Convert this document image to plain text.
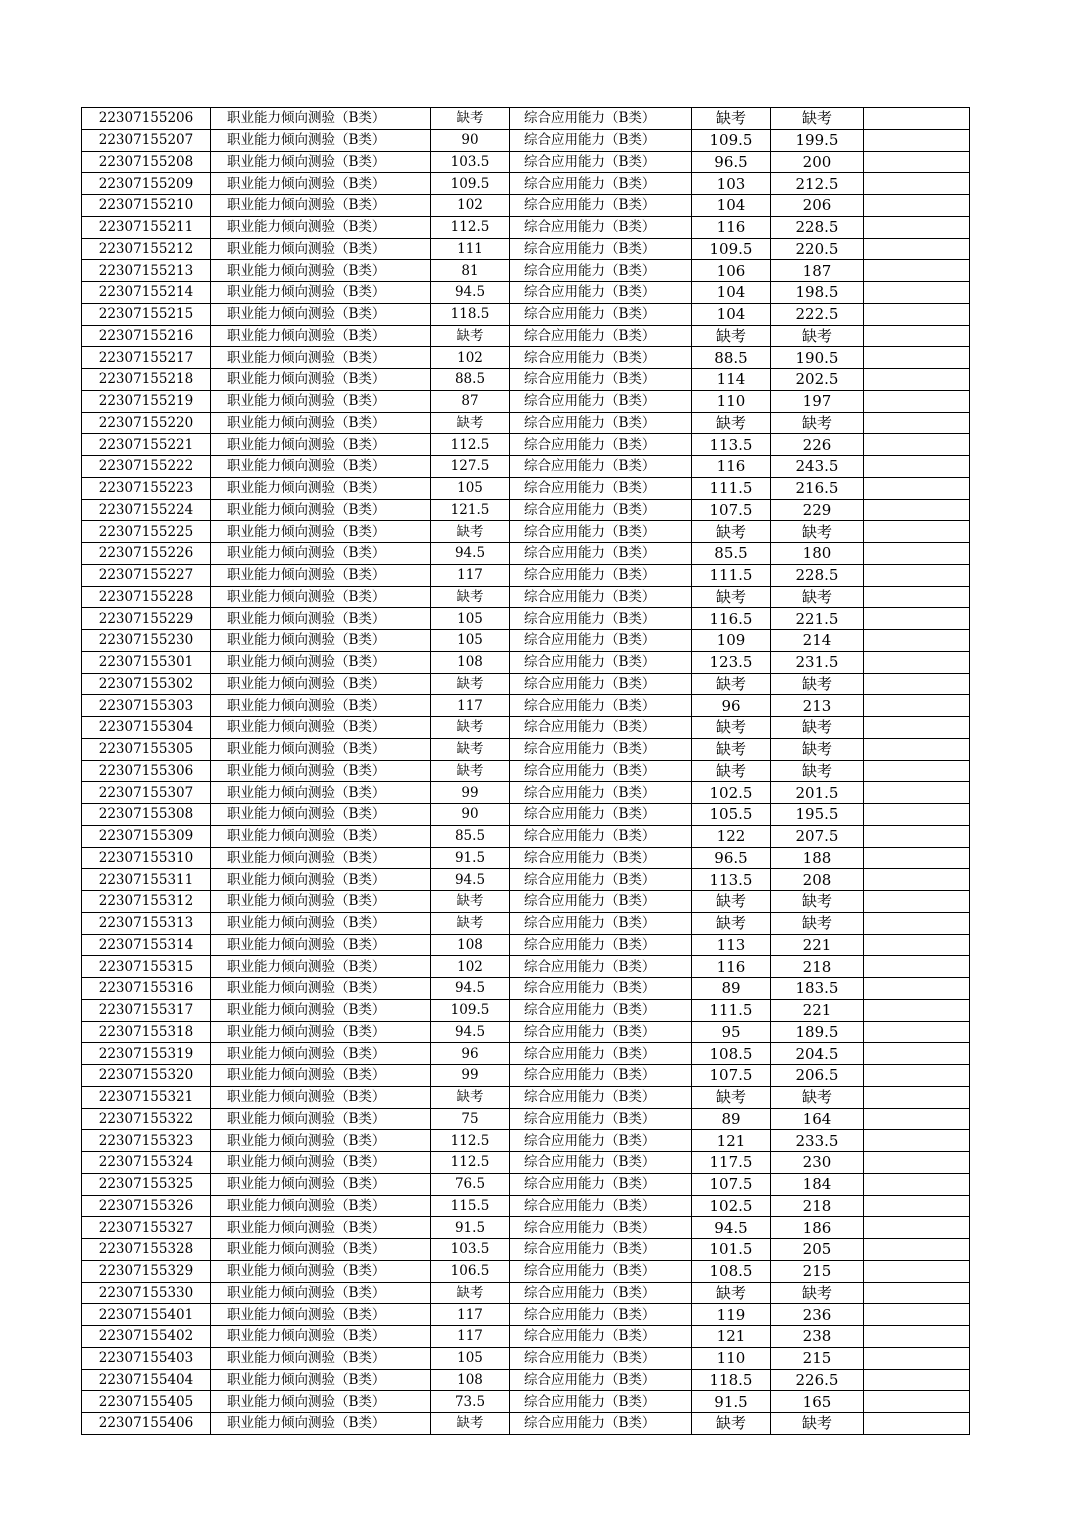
22307155206	职业能力倾向测验（B类）	缺考	综合应用能力（B类）	缺考	缺考	
22307155207	职业能力倾向测验（B类）	90	综合应用能力（B类）	109.5	199.5	
22307155208	职业能力倾向测验（B类）	103.5	综合应用能力（B类）	96.5	200	
22307155209	职业能力倾向测验（B类）	109.5	综合应用能力（B类）	103	212.5	
22307155210	职业能力倾向测验（B类）	102	综合应用能力（B类）	104	206	
22307155211	职业能力倾向测验（B类）	112.5	综合应用能力（B类）	116	228.5	
22307155212	职业能力倾向测验（B类）	111	综合应用能力（B类）	109.5	220.5	
22307155213	职业能力倾向测验（B类）	81	综合应用能力（B类）	106	187	
22307155214	职业能力倾向测验（B类）	94.5	综合应用能力（B类）	104	198.5	
22307155215	职业能力倾向测验（B类）	118.5	综合应用能力（B类）	104	222.5	
22307155216	职业能力倾向测验（B类）	缺考	综合应用能力（B类）	缺考	缺考	
22307155217	职业能力倾向测验（B类）	102	综合应用能力（B类）	88.5	190.5	
22307155218	职业能力倾向测验（B类）	88.5	综合应用能力（B类）	114	202.5	
22307155219	职业能力倾向测验（B类）	87	综合应用能力（B类）	110	197	
22307155220	职业能力倾向测验（B类）	缺考	综合应用能力（B类）	缺考	缺考	
22307155221	职业能力倾向测验（B类）	112.5	综合应用能力（B类）	113.5	226	
22307155222	职业能力倾向测验（B类）	127.5	综合应用能力（B类）	116	243.5	
22307155223	职业能力倾向测验（B类）	105	综合应用能力（B类）	111.5	216.5	
22307155224	职业能力倾向测验（B类）	121.5	综合应用能力（B类）	107.5	229	
22307155225	职业能力倾向测验（B类）	缺考	综合应用能力（B类）	缺考	缺考	
22307155226	职业能力倾向测验（B类）	94.5	综合应用能力（B类）	85.5	180	
22307155227	职业能力倾向测验（B类）	117	综合应用能力（B类）	111.5	228.5	
22307155228	职业能力倾向测验（B类）	缺考	综合应用能力（B类）	缺考	缺考	
22307155229	职业能力倾向测验（B类）	105	综合应用能力（B类）	116.5	221.5	
22307155230	职业能力倾向测验（B类）	105	综合应用能力（B类）	109	214	
22307155301	职业能力倾向测验（B类）	108	综合应用能力（B类）	123.5	231.5	
22307155302	职业能力倾向测验（B类）	缺考	综合应用能力（B类）	缺考	缺考	
22307155303	职业能力倾向测验（B类）	117	综合应用能力（B类）	96	213	
22307155304	职业能力倾向测验（B类）	缺考	综合应用能力（B类）	缺考	缺考	
22307155305	职业能力倾向测验（B类）	缺考	综合应用能力（B类）	缺考	缺考	
22307155306	职业能力倾向测验（B类）	缺考	综合应用能力（B类）	缺考	缺考	
22307155307	职业能力倾向测验（B类）	99	综合应用能力（B类）	102.5	201.5	
22307155308	职业能力倾向测验（B类）	90	综合应用能力（B类）	105.5	195.5	
22307155309	职业能力倾向测验（B类）	85.5	综合应用能力（B类）	122	207.5	
22307155310	职业能力倾向测验（B类）	91.5	综合应用能力（B类）	96.5	188	
22307155311	职业能力倾向测验（B类）	94.5	综合应用能力（B类）	113.5	208	
22307155312	职业能力倾向测验（B类）	缺考	综合应用能力（B类）	缺考	缺考	
22307155313	职业能力倾向测验（B类）	缺考	综合应用能力（B类）	缺考	缺考	
22307155314	职业能力倾向测验（B类）	108	综合应用能力（B类）	113	221	
22307155315	职业能力倾向测验（B类）	102	综合应用能力（B类）	116	218	
22307155316	职业能力倾向测验（B类）	94.5	综合应用能力（B类）	89	183.5	
22307155317	职业能力倾向测验（B类）	109.5	综合应用能力（B类）	111.5	221	
22307155318	职业能力倾向测验（B类）	94.5	综合应用能力（B类）	95	189.5	
22307155319	职业能力倾向测验（B类）	96	综合应用能力（B类）	108.5	204.5	
22307155320	职业能力倾向测验（B类）	99	综合应用能力（B类）	107.5	206.5	
22307155321	职业能力倾向测验（B类）	缺考	综合应用能力（B类）	缺考	缺考	
22307155322	职业能力倾向测验（B类）	75	综合应用能力（B类）	89	164	
22307155323	职业能力倾向测验（B类）	112.5	综合应用能力（B类）	121	233.5	
22307155324	职业能力倾向测验（B类）	112.5	综合应用能力（B类）	117.5	230	
22307155325	职业能力倾向测验（B类）	76.5	综合应用能力（B类）	107.5	184	
22307155326	职业能力倾向测验（B类）	115.5	综合应用能力（B类）	102.5	218	
22307155327	职业能力倾向测验（B类）	91.5	综合应用能力（B类）	94.5	186	
22307155328	职业能力倾向测验（B类）	103.5	综合应用能力（B类）	101.5	205	
22307155329	职业能力倾向测验（B类）	106.5	综合应用能力（B类）	108.5	215	
22307155330	职业能力倾向测验（B类）	缺考	综合应用能力（B类）	缺考	缺考	
22307155401	职业能力倾向测验（B类）	117	综合应用能力（B类）	119	236	
22307155402	职业能力倾向测验（B类）	117	综合应用能力（B类）	121	238	
22307155403	职业能力倾向测验（B类）	105	综合应用能力（B类）	110	215	
22307155404	职业能力倾向测验（B类）	108	综合应用能力（B类）	118.5	226.5	
22307155405	职业能力倾向测验（B类）	73.5	综合应用能力（B类）	91.5	165	
22307155406	职业能力倾向测验（B类）	缺考	综合应用能力（B类）	缺考	缺考	
